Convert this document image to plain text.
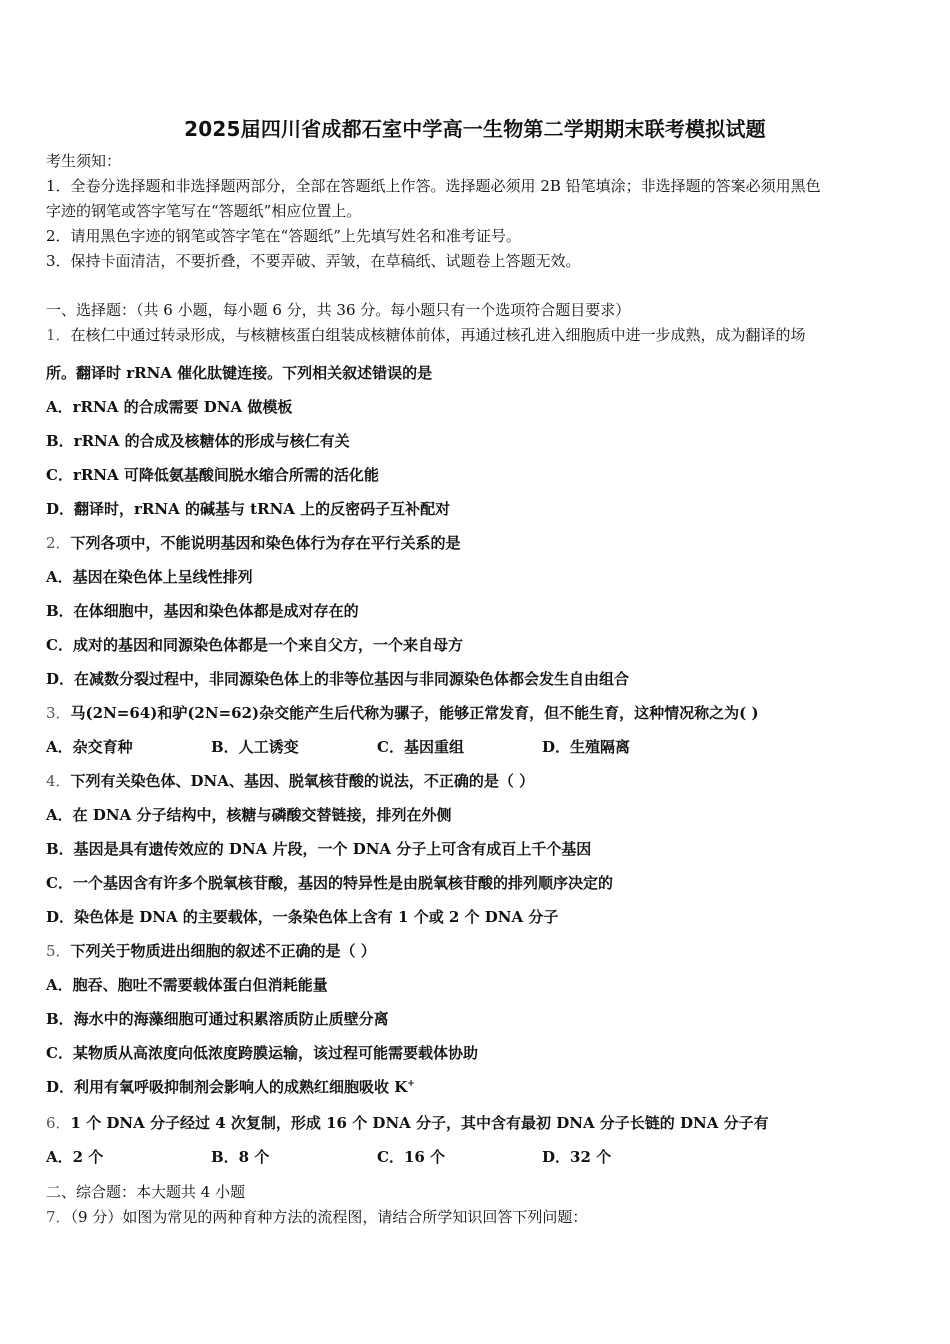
2025届四川省成都石室中学高一生物第二学期期末联考模拟试题
考生须知：
1．全卷分选择题和非选择题两部分，全部在答题纸上作答。选择题必须用 2B 铅笔填涂；非选择题的答案必须用黑色
字迹的钢笔或答字笔写在“答题纸”相应位置上。
2．请用黑色字迹的钢笔或答字笔在“答题纸”上先填写姓名和准考证号。
3．保持卡面清洁，不要折叠，不要弄破、弄皱，在草稿纸、试题卷上答题无效。
一、选择题：（共 6 小题，每小题 6 分，共 36 分。每小题只有一个选项符合题目要求）
1．在核仁中通过转录形成，与核糖核蛋白组装成核糖体前体，再通过核孔进入细胞质中进一步成熟，成为翻译的场
所。翻译时 rRNA 催化肽键连接。下列相关叙述错误的是
A．rRNA 的合成需要 DNA 做模板
B．rRNA 的合成及核糖体的形成与核仁有关
C．rRNA 可降低氨基酸间脱水缩合所需的活化能
D．翻译时，rRNA 的碱基与 tRNA 上的反密码子互补配对
2．下列各项中，不能说明基因和染色体行为存在平行关系的是
A．基因在染色体上呈线性排列
B．在体细胞中，基因和染色体都是成对存在的
C．成对的基因和同源染色体都是一个来自父方，一个来自母方
D．在减数分裂过程中，非同源染色体上的非等位基因与非同源染色体都会发生自由组合
3．马(2N=64)和驴(2N=62)杂交能产生后代称为骡子，能够正常发育，但不能生育，这种情况称之为( )
A．杂交育种	B．人工诱变	C．基因重组	D．生殖隔离
4．下列有关染色体、DNA、基因、脱氧核苷酸的说法，不正确的是（ ）
A．在 DNA 分子结构中，核糖与磷酸交替链接，排列在外侧
B．基因是具有遗传效应的 DNA 片段，一个 DNA 分子上可含有成百上千个基因
C．一个基因含有许多个脱氧核苷酸，基因的特异性是由脱氧核苷酸的排列顺序决定的
D．染色体是 DNA 的主要载体，一条染色体上含有 1 个或 2 个 DNA 分子
5．下列关于物质进出细胞的叙述不正确的是（ ）
A．胞吞、胞吐不需要载体蛋白但消耗能量
B．海水中的海藻细胞可通过积累溶质防止质壁分离
C．某物质从高浓度向低浓度跨膜运输，该过程可能需要载体协助
D．利用有氧呼吸抑制剂会影响人的成熟红细胞吸收 K+
6．1 个 DNA 分子经过 4 次复制，形成 16 个 DNA 分子，其中含有最初 DNA 分子长链的 DNA 分子有
A．2 个	B．8 个	C．16 个	D．32 个
二、综合题：本大题共 4 小题
7．（9 分）如图为常见的两种育种方法的流程图，请结合所学知识回答下列问题：
